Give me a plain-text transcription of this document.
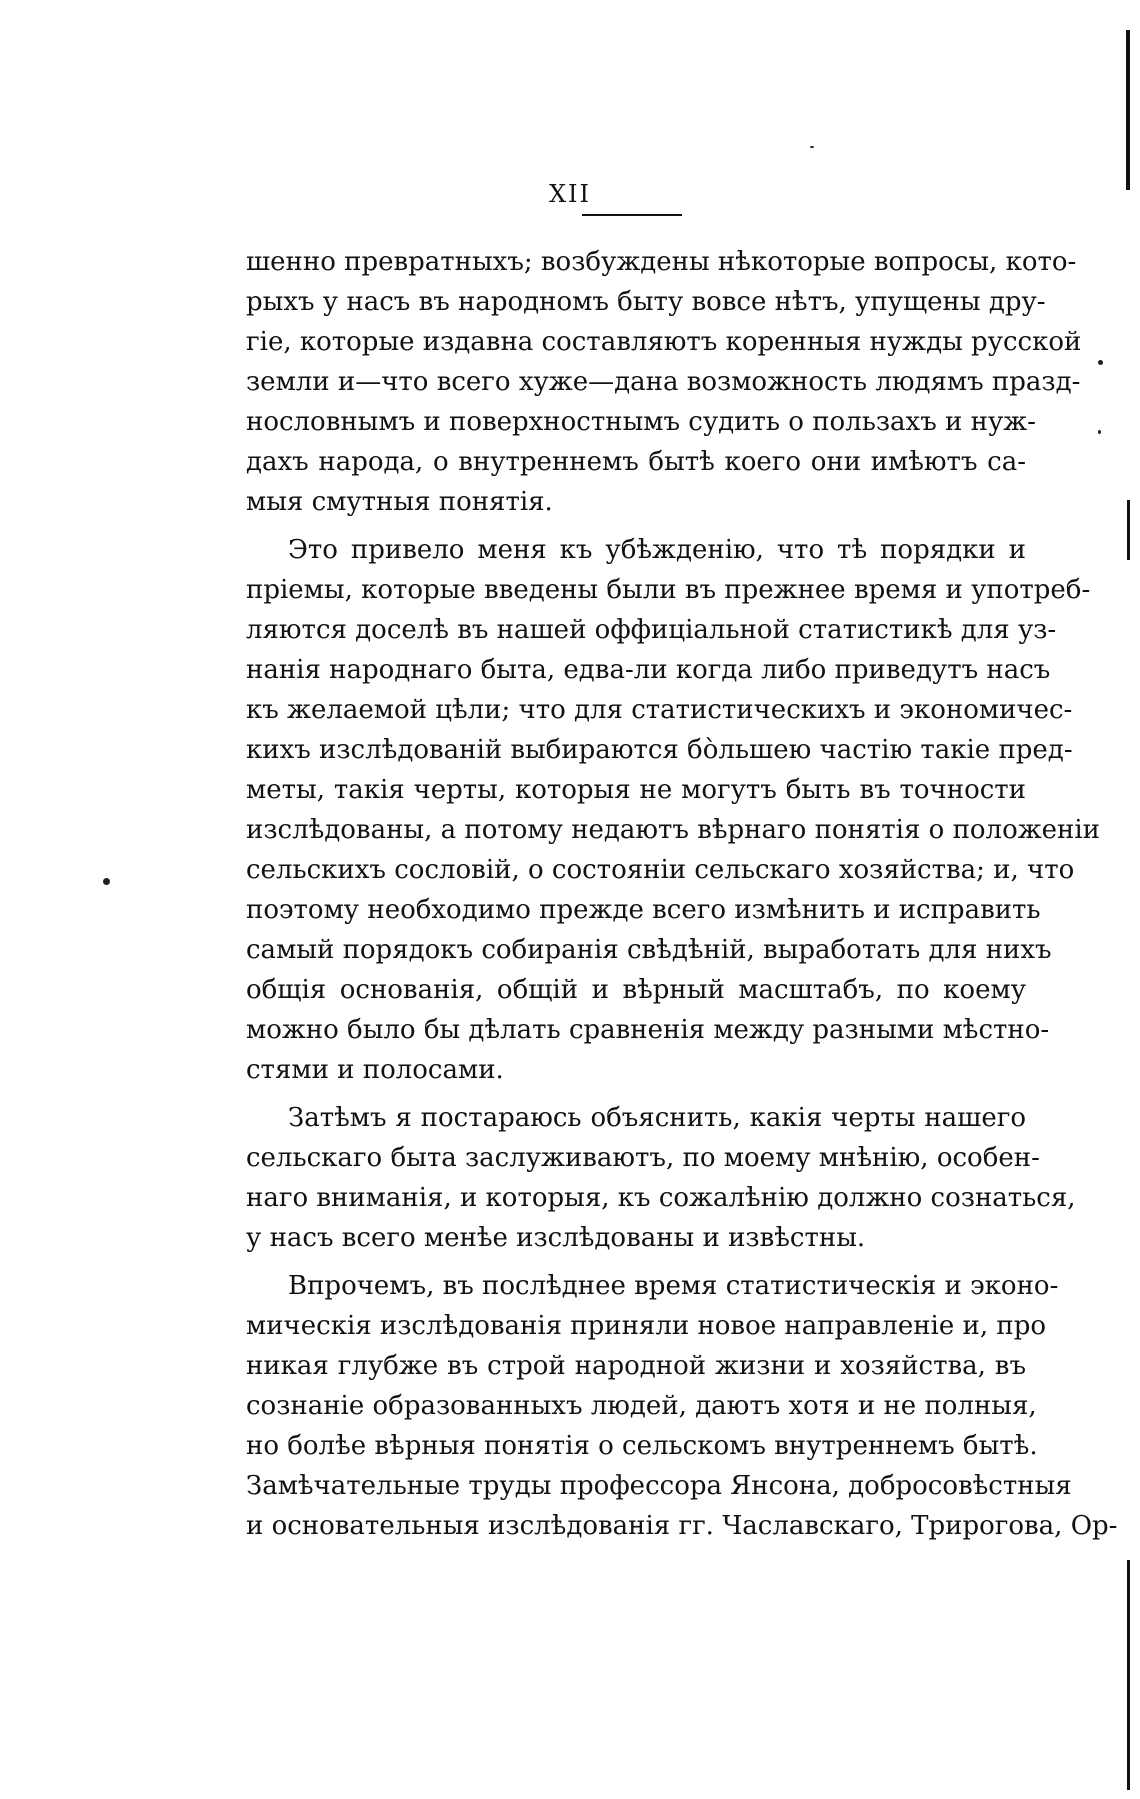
XII
шенно превратныхъ; возбуждены нѣкоторые вопросы, кото-
рыхъ у насъ въ народномъ быту вовсе нѣтъ, упущены дру-
гіе, которые издавна составляютъ коренныя нужды русской
земли и—что всего хуже—дана возможность людямъ празд-
нословнымъ и поверхностнымъ судить о пользахъ и нуж-
дахъ народа, о внутреннемъ бытѣ коего они имѣютъ са-
мыя смутныя понятія.
Это привело меня къ убѣжденію, что тѣ порядки и
пріемы, которые введены были въ прежнее время и употреб-
ляются доселѣ въ нашей оффиціальной статистикѣ для уз-
нанія народнаго быта, едва-ли когда либо приведутъ насъ
къ желаемой цѣли; что для статистическихъ и экономичес-
кихъ изслѣдованій выбираются бо̀льшею частію такіе пред-
меты, такія черты, которыя не могутъ быть въ точности
изслѣдованы, а потому недаютъ вѣрнаго понятія о положеніи
сельскихъ сословій, о состояніи сельскаго хозяйства; и, что
поэтому необходимо прежде всего измѣнить и исправить
самый порядокъ собиранія свѣдѣній, выработать для нихъ
общія основанія, общій и вѣрный масштабъ, по коему
можно было бы дѣлать сравненія между разными мѣстно-
стями и полосами.
Затѣмъ я постараюсь объяснить, какія черты нашего
сельскаго быта заслуживаютъ, по моему мнѣнію, особен-
наго вниманія, и которыя, къ сожалѣнію должно сознаться,
у насъ всего менѣе изслѣдованы и извѣстны.
Впрочемъ, въ послѣднее время статистическія и эконо-
мическія изслѣдованія приняли новое направленіе и, про
никая глубже въ строй народной жизни и хозяйства, въ
сознаніе образованныхъ людей, даютъ хотя и не полныя,
но болѣе вѣрныя понятія о сельскомъ внутреннемъ бытѣ.
Замѣчательные труды профессора Янсона, добросовѣстныя
и основательныя изслѣдованія гг. Чаславскаго, Трирогова, Ор-
